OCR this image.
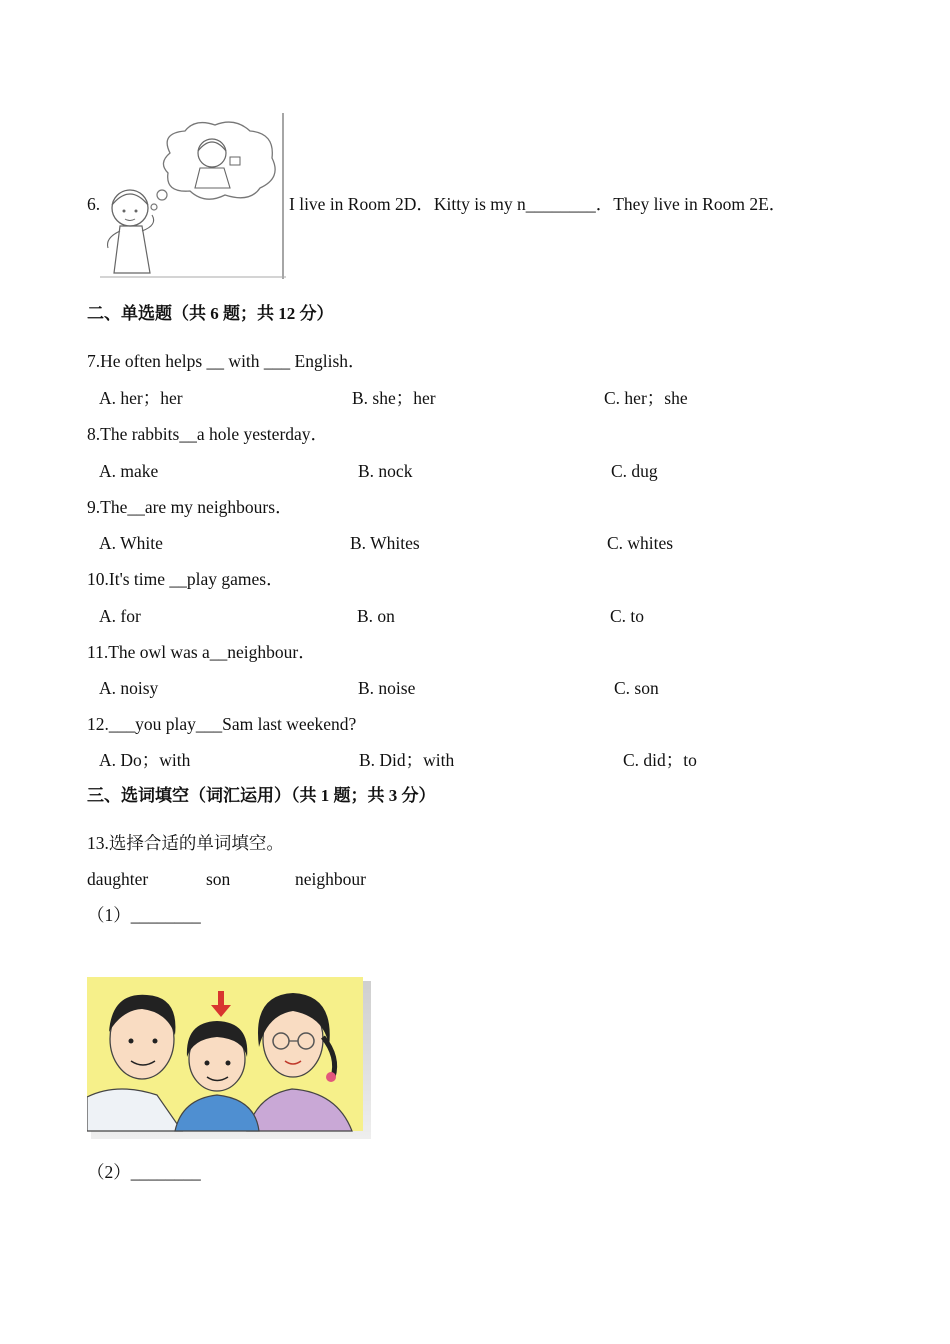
6.	I live in Room 2D．Kitty is my n________．They live in Room 2E．
二、单选题（共 6 题；共 12 分）
7.He often helps __ with ___ English．
A. her；her	B. she；her	C. her；she
8.The rabbits__a hole yesterday．
A. make	B. nock	C. dug
9.The__are my neighbours．
A. White	B. Whites	C. whites
10.It's time __play games．
A. for	B. on	C. to
11.The owl was a__neighbour．
A. noisy	B. noise	C. son
12.___you play___Sam last weekend?
A. Do；with	B. Did；with	C. did；to
三、选词填空（词汇运用）（共 1 题；共 3 分）
13.选择合适的单词填空。
daughter	son	neighbour
（1）________
（2）________
